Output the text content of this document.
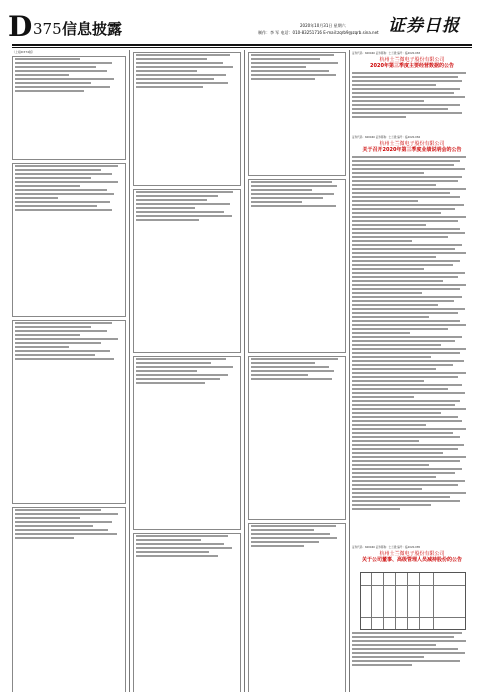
D 375 信息披露	2020年10月31日 星期六
制作：李 军 电话：010-83251716 E-mail:zqrb9@zqrb.sina.net 证券日报
（上接D374版）	证券代码：600460 证券简称：士兰微 编号：临2020-083
杭州士兰微电子股份有限公司
2020年第三季度主要经营数据的公告
证券代码：600460 证券简称：士兰微 编号：临2020-084
杭州士兰微电子股份有限公司
关于召开2020年第三季度业绩说明会的公告
证券代码：600460 证券简称：士兰微 编号：临2020-085
杭州士兰微电子股份有限公司
关于公司董事、高级管理人员减持股份的公告
